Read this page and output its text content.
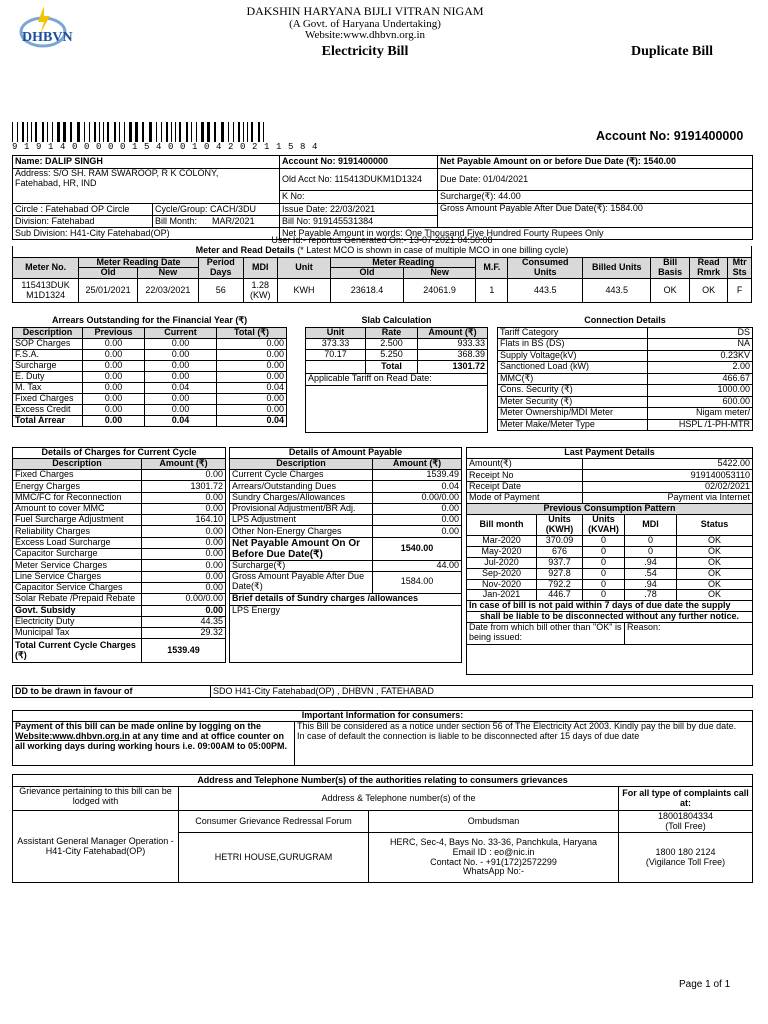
DHBVN
DAKSHIN HARYANA BIJLI VITRAN NIGAM
(A Govt. of Haryana Undertaking)
Website:www.dhbvn.org.in
Electricity Bill	Duplicate Bill
9 1 9 1 4 0 0 0 0 0 1 5 4 0 0 1 0 4 2 0 2 1 1 5 8 4
Account No: 9191400000
Name: DALIP SINGH		Account No: 9191400000	Net Payable Amount on or before Due Date (₹): 1540.00
Address: S/O SH. RAM SWAROOP, R K COLONY,
Fatehabad, HR, IND		Old Acct No: 115413DUKM1D1324	Due Date: 01/04/2021
		K No:	Surcharge(₹): 44.00
Circle : Fatehabad OP Circle	Cycle/Group: CACH/3DU	Issue Date: 22/03/2021	Gross Amount Payable After Due Date(₹): 1584.00
Division: Fatehabad	Bill Month: MAR/2021	Bill No: 919145531384	
Sub Division: H41-City Fatehabad(OP)		Net Payable Amount in words: One Thousand Five Hundred Fourty Rupees Only	
User Id:- reportus Generated On:- 13-07-2021 04:50:08
Meter and Read Details (* Latest MCO is shown in case of multiple MCO in one billing cycle)													
Meter No.	Meter Reading Date		Period Days	MDI	Unit	Meter Reading		M.F.	Consumed Units	Billed Units	Bill Basis	Read Rmrk	Mtr Sts
	Old	New				Old	New						
115413DUK M1D1324	25/01/2021	22/03/2021	56	1.28 (KW)	KWH	23618.4	24061.9	1	443.5	443.5	OK	OK	F
Arrears Outstanding for the Financial Year (₹)			
Description	Previous	Current	Total (₹)
SOP Charges	0.00	0.00	0.00
F.S.A.	0.00	0.00	0.00
Surcharge	0.00	0.00	0.00
E. Duty	0.00	0.00	0.00
M. Tax	0.00	0.04	0.04
Fixed Charges	0.00	0.00	0.00
Excess Credit	0.00	0.00	0.00
Total Arrear	0.00	0.04	0.04
Slab Calculation		
Unit	Rate	Amount (₹)
373.33	2.500	933.33
70.17	5.250	368.39
	Total	1301.72
Applicable Tariff on Read Date:		

Connection Details	
Tariff Category	DS
Flats in BS (DS)	NA
Supply Voltage(kV)	0.23KV
Sanctioned Load (kW)	2.00
MMC(₹)	466.67
Cons. Security (₹)	1000.00
Meter Security (₹)	600.00
Meter Ownership/MDI Meter	Nigam meter/
Meter Make/Meter Type	HSPL /1-PH-MTR
Details of Charges for Current Cycle	
Description	Amount (₹)
Fixed Charges	0.00
Energy Charges	1301.72
MMC/FC for Reconnection	0.00
Amount to cover MMC	0.00
Fuel Surcharge Adjustment	164.10
Reliability Charges	0.00
Excess Load Surcharge	0.00
Capacitor Surcharge	0.00
Meter Service Charges	0.00
Line Service Charges	0.00
Capacitor Service Charges	0.00
Solar Rebate /Prepaid Rebate	0.00/0.00
Govt. Subsidy	0.00
Electricity Duty	44.35
Municipal Tax	29.32
Total Current Cycle Charges (₹)	1539.49
Details of Amount Payable	
Description	Amount (₹)
Current Cycle Charges	1539.49
Arrears/Outstanding Dues	0.04
Sundry Charges/Allowances	0.00/0.00
Provisional Adjustment/BR Adj.	0.00
LPS Adjustment	0.00
Other Non-Energy Charges	0.00
Net Payable Amount On Or Before Due Date(₹)	1540.00
Surcharge(₹)	44.00
Gross Amount Payable After Due Date(₹)	1584.00
Brief details of Sundry charges /allowances	
LPS Energy	
Last Payment Details				
Amount(₹)		5422.00		
Receipt No		919140053110		
Receipt Date		02/02/2021		
Mode of Payment		Payment via Internet		
Previous Consumption Pattern				
Bill month	Units (KWH)	Units (KVAH)	MDI	Status
Mar-2020	370.09	0	0	OK
May-2020	676	0	0	OK
Jul-2020	937.7	0	.94	OK
Sep-2020	927.8	0	.54	OK
Nov-2020	792.2	0	.94	OK
Jan-2021	446.7	0	.78	OK
In case of bill is not paid within 7 days of due date the supply				
shall be liable to be disconnected without any further notice.				
Date from which bill other than "OK" is being issued:			Reason:	

DD to be drawn in favour of	SDO H41-City Fatehabad(OP) , DHBVN , FATEHABAD
Important Information for consumers:
Payment of this bill can be made online by logging on the Website:www.dhbvn.org.in at any time and at office counter on all working days during working hours i.e. 09:00AM to 05:00PM.	This Bill be considered as a notice under section 56 of The Electricity Act 2003. Kindly pay the bill by due date.
In case of default the connection is liable to be disconnected after 15 days of due date
Address and Telephone Number(s) of the authorities relating to consumers grievances			
Grievance pertaining to this bill can be lodged with	Address & Telephone number(s) of the		For all type of complaints call at:

Assistant General Manager Operation - H41-City Fatehabad(OP)	Consumer Grievance Redressal Forum	Ombudsman	18001804334
(Toll Free)
	HETRI HOUSE,GURUGRAM	HERC, Sec-4, Bays No. 33-36, Panchkula, Haryana
Email ID : eo@nic.in
Contact No. - +91(172)2572299
WhatsApp No:-	1800 180 2124
(Vigilance Toll Free)
Page 1 of 1
